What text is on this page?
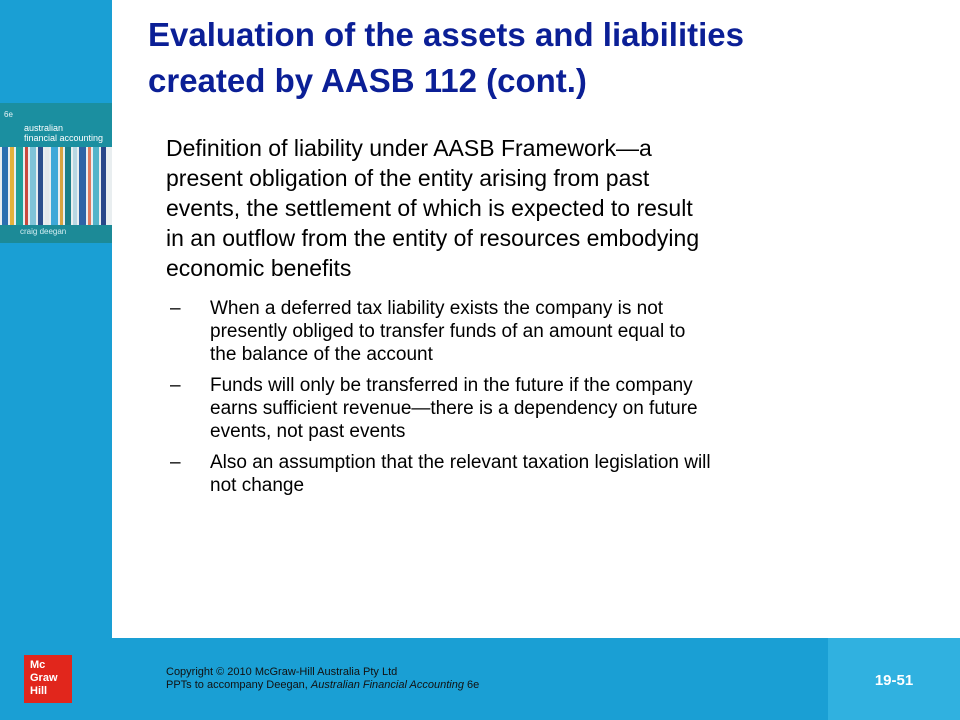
6e
australian
financial accounting
craig deegan
Mc
Graw
Hill
Evaluation of the assets and liabilities
created by AASB 112 (cont.)

Definition of liability under AASB Framework—a
present obligation of the entity arising from past
events, the settlement of which is expected to result
in an outflow from the entity of resources embodying
economic benefits

– When a deferred tax liability exists the company is not
presently obliged to transfer funds of an amount equal to
the balance of the account
– Funds will only be transferred in the future if the company
earns sufficient revenue—there is a dependency on future
events, not past events
– Also an assumption that the relevant taxation legislation will
not change
Copyright © 2010 McGraw-Hill Australia Pty Ltd
PPTs to accompany Deegan, Australian Financial Accounting 6e	19-51
